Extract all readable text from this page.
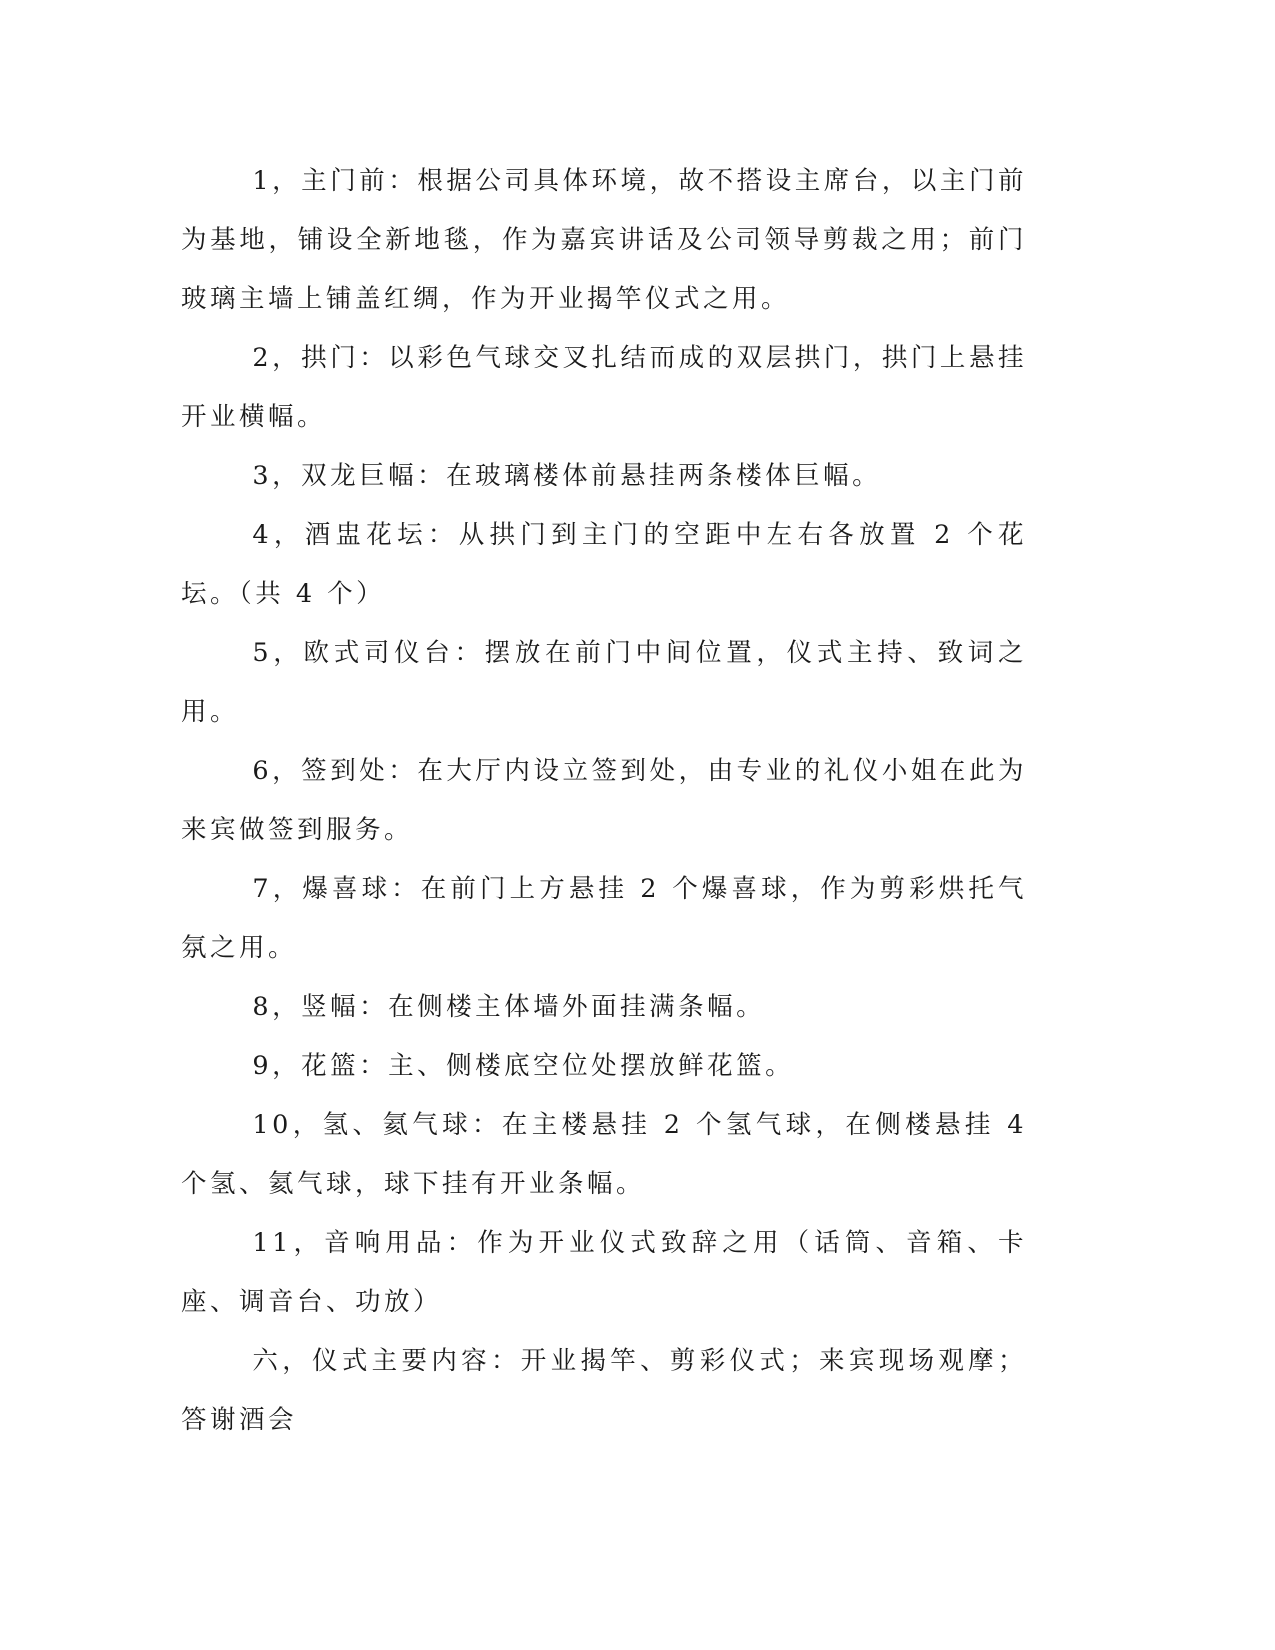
1，主门前：根据公司具体环境，故不搭设主席台，以主门前为基地，铺设全新地毯，作为嘉宾讲话及公司领导剪裁之用；前门玻璃主墙上铺盖红绸，作为开业揭竿仪式之用。

2，拱门：以彩色气球交叉扎结而成的双层拱门，拱门上悬挂开业横幅。

3，双龙巨幅：在玻璃楼体前悬挂两条楼体巨幅。

4，酒盅花坛：从拱门到主门的空距中左右各放置 2 个花坛。（共 4 个）

5，欧式司仪台：摆放在前门中间位置，仪式主持、致词之用。

6，签到处：在大厅内设立签到处，由专业的礼仪小姐在此为来宾做签到服务。

7，爆喜球：在前门上方悬挂 2 个爆喜球，作为剪彩烘托气氛之用。

8，竖幅：在侧楼主体墙外面挂满条幅。

9，花篮：主、侧楼底空位处摆放鲜花篮。

10，氢、氦气球：在主楼悬挂 2 个氢气球，在侧楼悬挂 4 个氢、氦气球，球下挂有开业条幅。

11，音响用品：作为开业仪式致辞之用（话筒、音箱、卡座、调音台、功放）

六，仪式主要内容：开业揭竿、剪彩仪式；来宾现场观摩；答谢酒会
